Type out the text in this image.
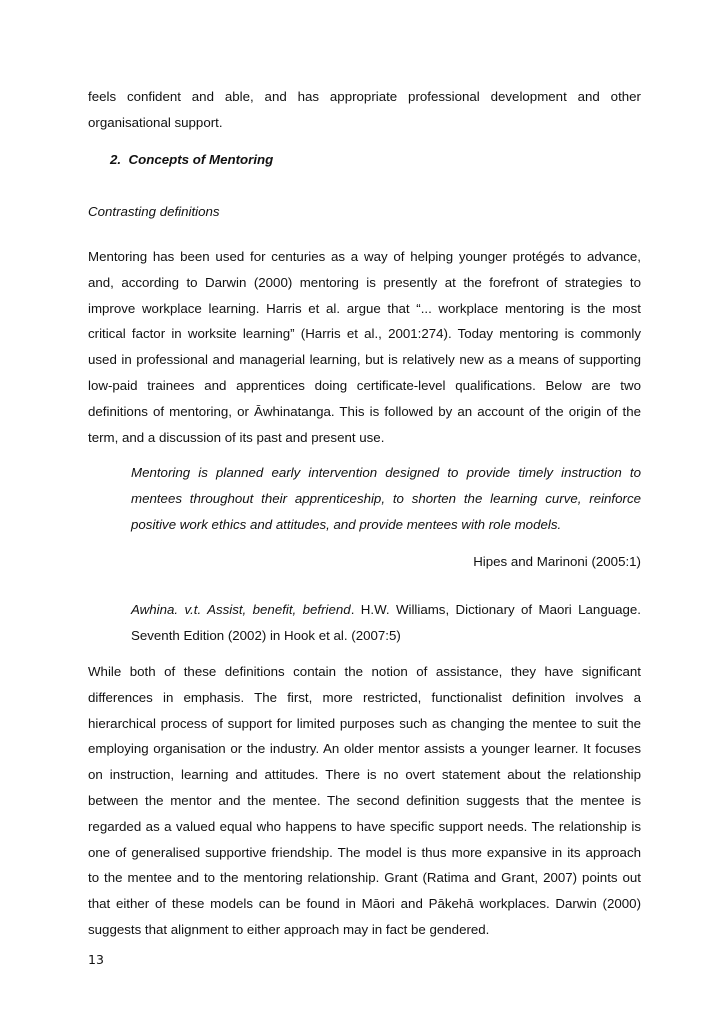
feels confident and able, and has appropriate professional development and other
organisational support.
2.  Concepts of Mentoring
Contrasting definitions
Mentoring has been used for centuries as a way of helping younger protégés to advance,
and, according to Darwin (2000) mentoring is presently at the forefront of strategies to
improve workplace learning. Harris et al. argue that “... workplace mentoring is the most
critical factor in worksite learning” (Harris et al., 2001:274). Today mentoring is commonly
used in professional and managerial learning, but is relatively new as a means of supporting
low-paid trainees and apprentices doing certificate-level qualifications. Below are two
definitions of mentoring, or Āwhinatanga. This is followed by an account of the origin of the
term, and a discussion of its past and present use.
Mentoring is planned early intervention designed to provide timely instruction to
mentees throughout their apprenticeship, to shorten the learning curve, reinforce
positive work ethics and attitudes, and provide mentees with role models.
Hipes and Marinoni (2005:1)
Awhina. v.t. Assist, benefit, befriend. H.W. Williams, Dictionary of Maori Language.
Seventh Edition (2002) in Hook et al. (2007:5)
While both of these definitions contain the notion of assistance, they have significant
differences in emphasis. The first, more restricted, functionalist definition involves a
hierarchical process of support for limited purposes such as changing the mentee to suit the
employing organisation or the industry. An older mentor assists a younger learner. It focuses
on instruction, learning and attitudes. There is no overt statement about the relationship
between the mentor and the mentee. The second definition suggests that the mentee is
regarded as a valued equal who happens to have specific support needs. The relationship is
one of generalised supportive friendship. The model is thus more expansive in its approach
to the mentee and to the mentoring relationship. Grant (Ratima and Grant, 2007) points out
that either of these models can be found in Māori and Pākehā workplaces. Darwin (2000)
suggests that alignment to either approach may in fact be gendered.
13
